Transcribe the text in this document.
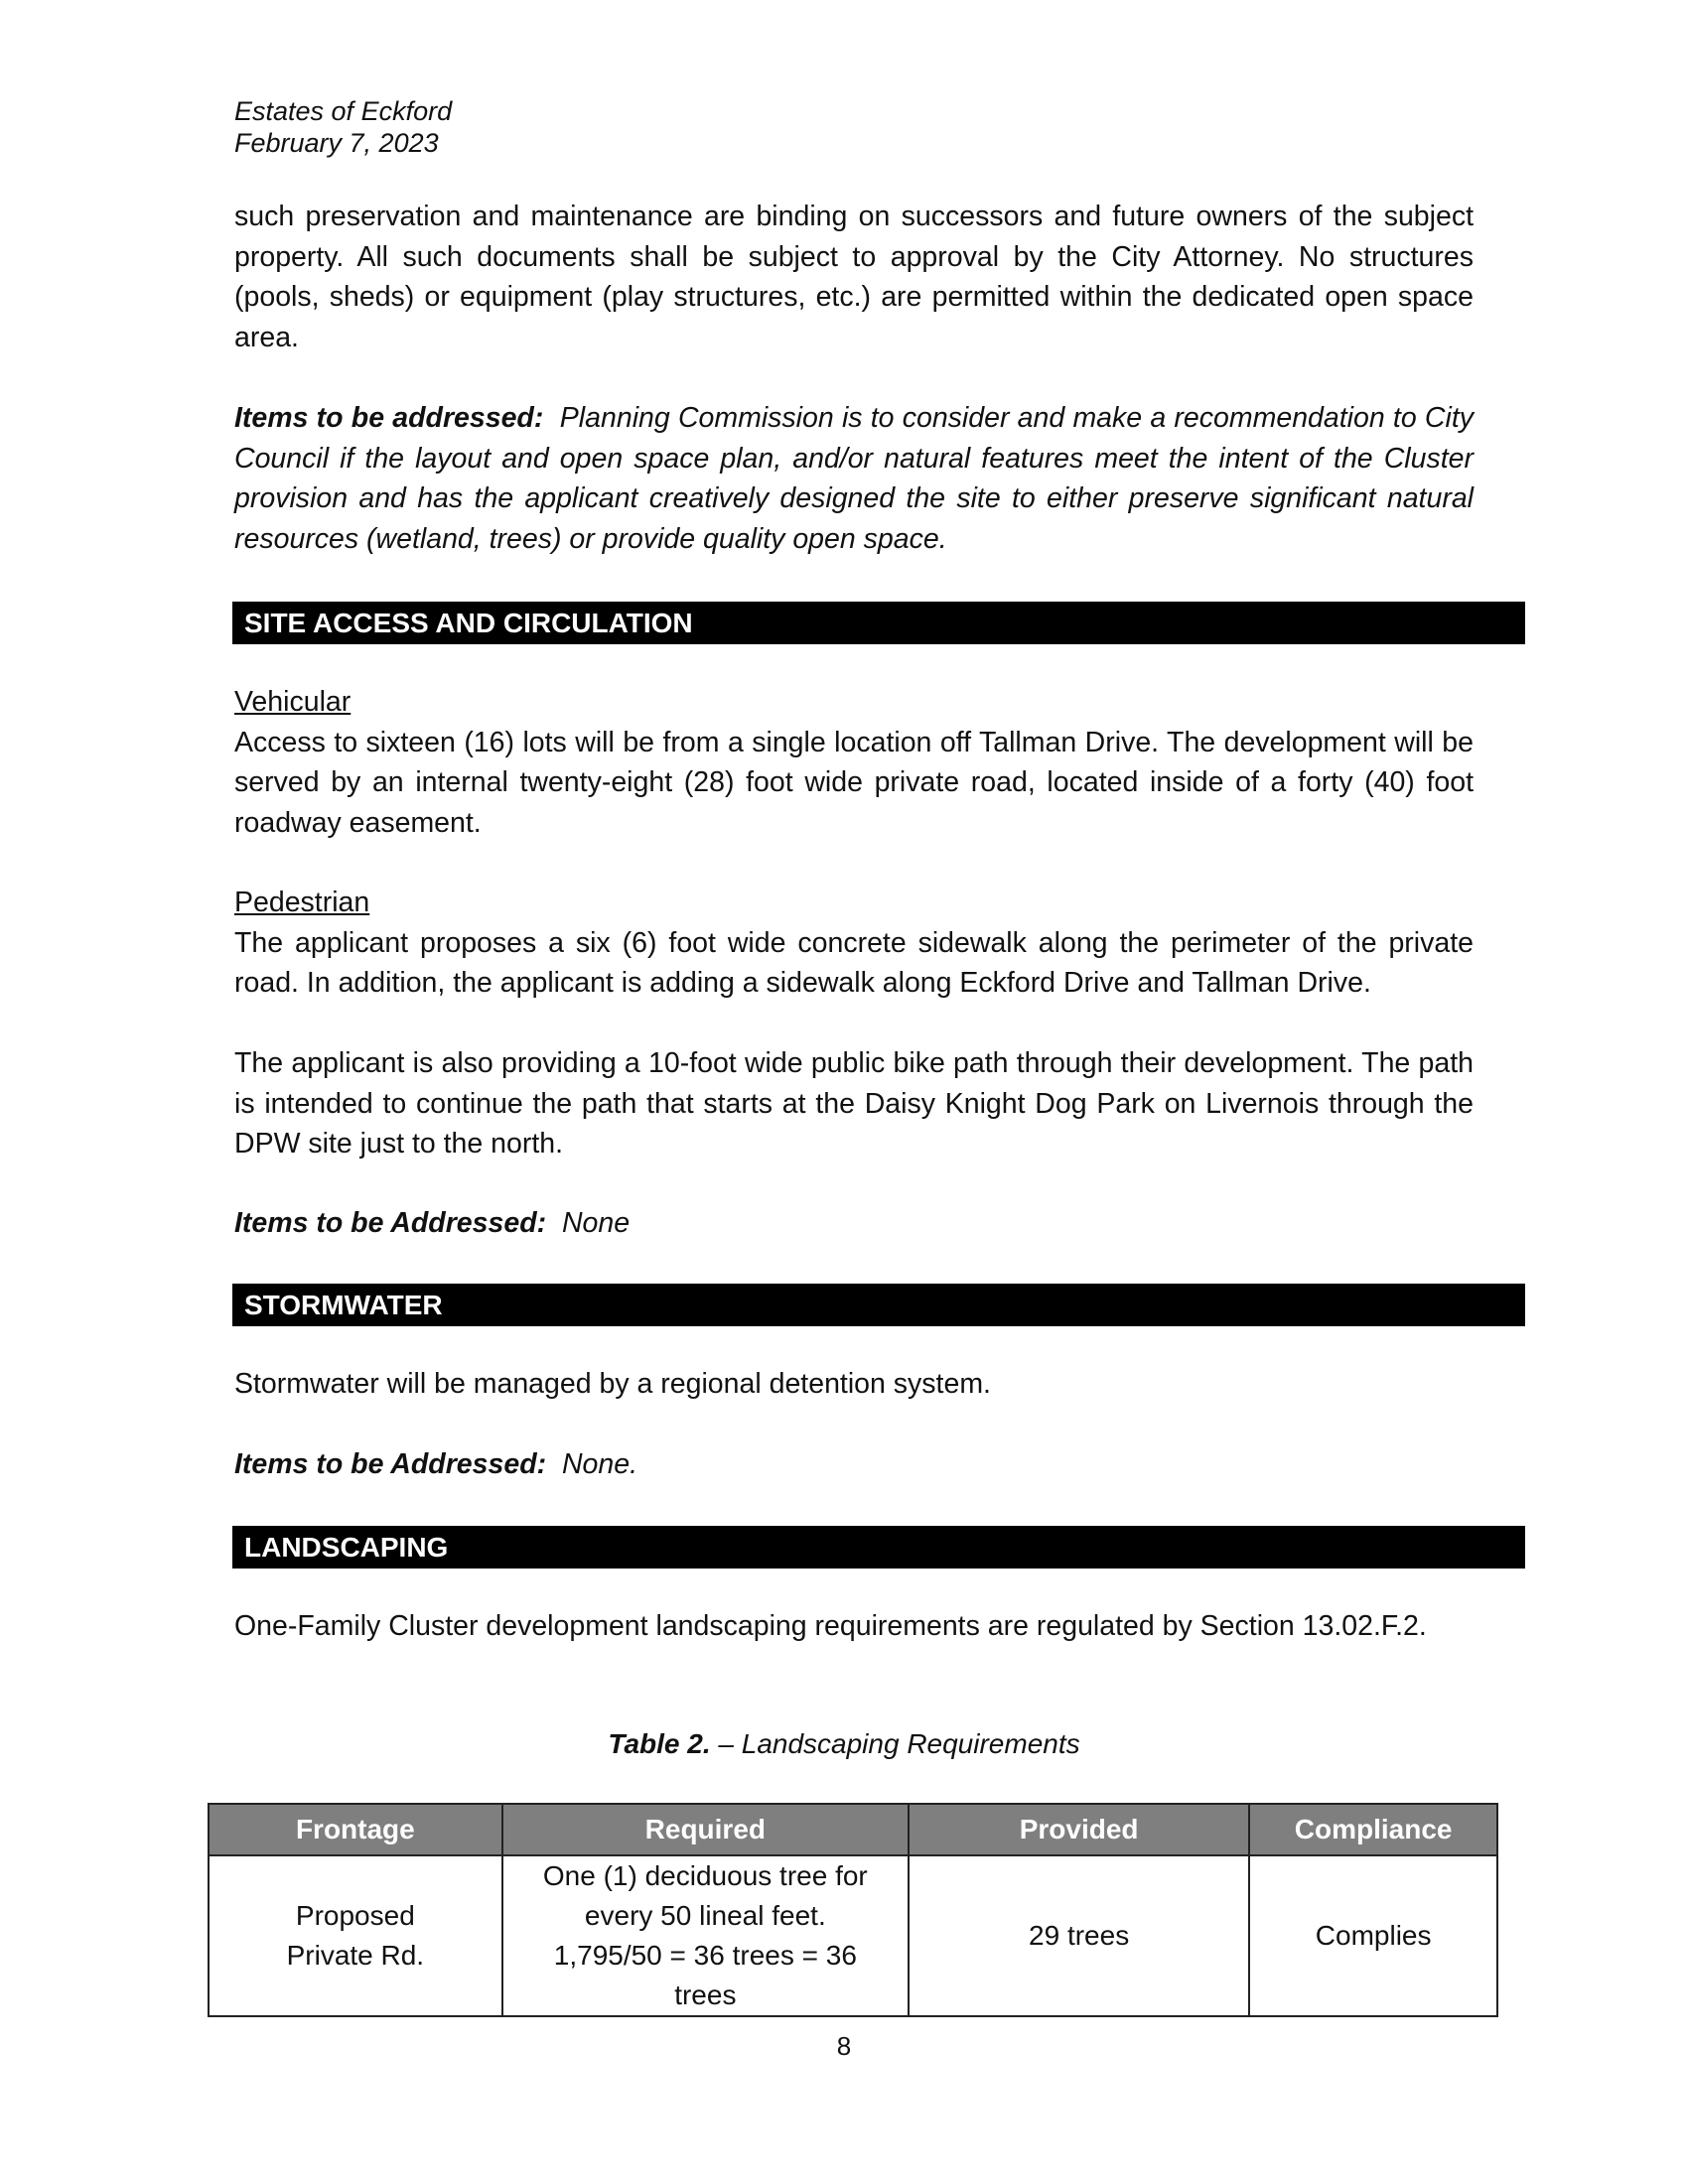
Estates of Eckford
February 7, 2023
such preservation and maintenance are binding on successors and future owners of the subject property. All such documents shall be subject to approval by the City Attorney. No structures (pools, sheds) or equipment (play structures, etc.) are permitted within the dedicated open space area.
Items to be addressed: Planning Commission is to consider and make a recommendation to City Council if the layout and open space plan, and/or natural features meet the intent of the Cluster provision and has the applicant creatively designed the site to either preserve significant natural resources (wetland, trees) or provide quality open space.
SITE ACCESS AND CIRCULATION
Vehicular
Access to sixteen (16) lots will be from a single location off Tallman Drive. The development will be served by an internal twenty-eight (28) foot wide private road, located inside of a forty (40) foot roadway easement.
Pedestrian
The applicant proposes a six (6) foot wide concrete sidewalk along the perimeter of the private road. In addition, the applicant is adding a sidewalk along Eckford Drive and Tallman Drive.
The applicant is also providing a 10-foot wide public bike path through their development. The path is intended to continue the path that starts at the Daisy Knight Dog Park on Livernois through the DPW site just to the north.
Items to be Addressed: None
STORMWATER
Stormwater will be managed by a regional detention system.
Items to be Addressed: None.
LANDSCAPING
One-Family Cluster development landscaping requirements are regulated by Section 13.02.F.2.
Table 2. – Landscaping Requirements
Frontage	Required	Provided	Compliance
Proposed Private Rd.	One (1) deciduous tree for every 50 lineal feet. 1,795/50 = 36 trees = 36 trees	29 trees	Complies
8
